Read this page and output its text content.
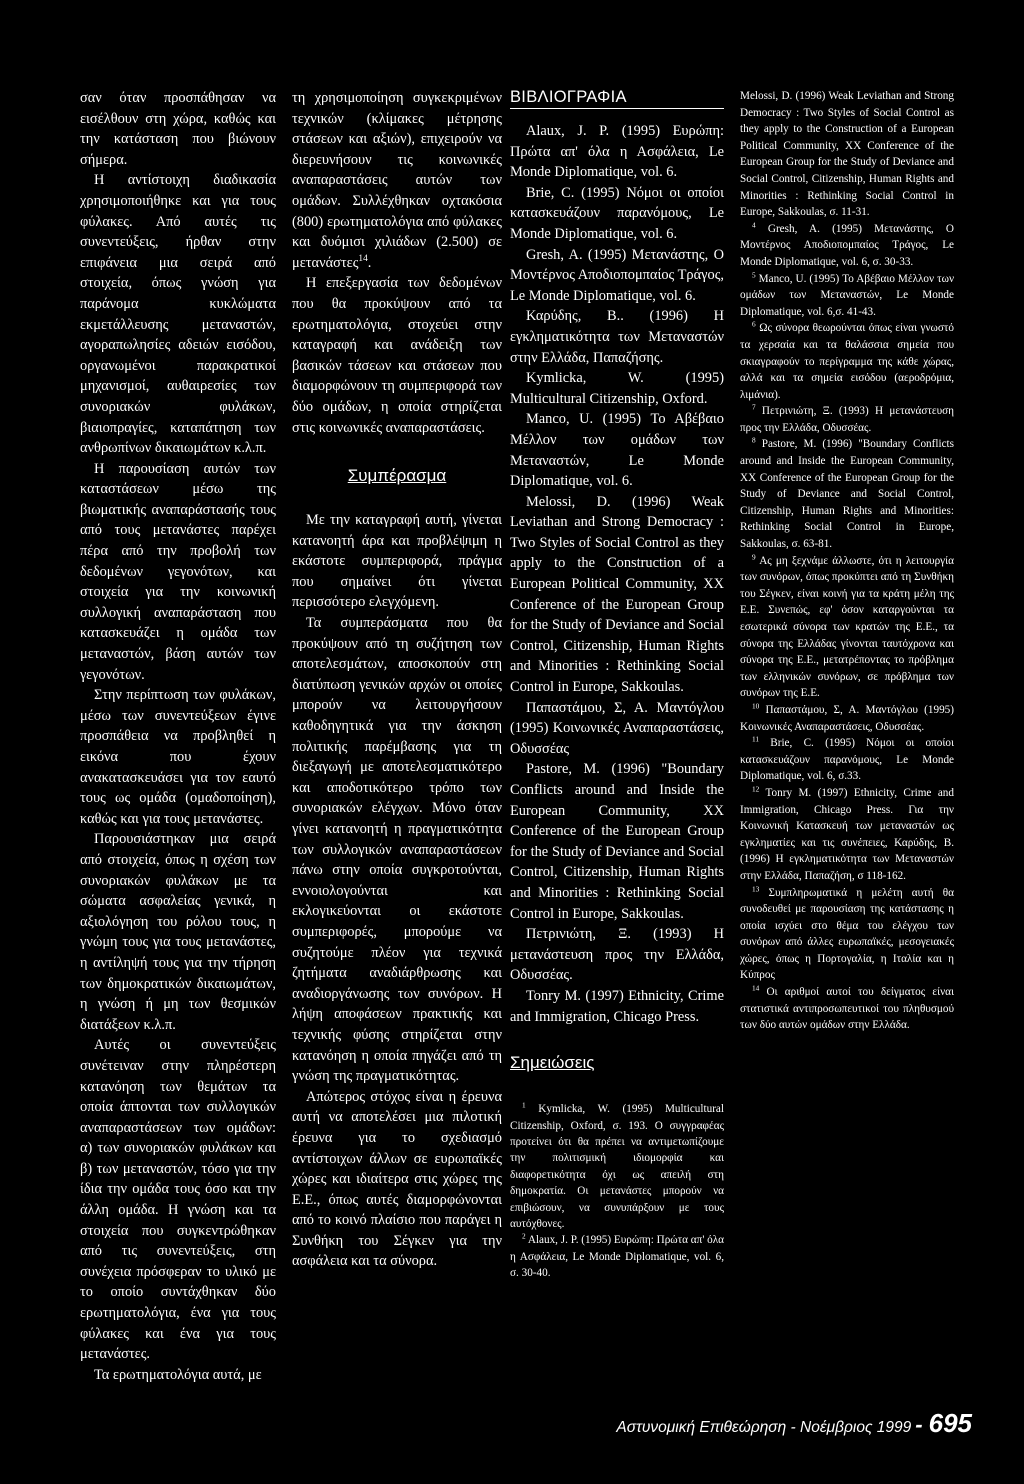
σαν όταν προσπάθησαν να εισέλθουν στη χώρα, καθώς και την κατάσταση που βιώνουν σήμερα.

Η αντίστοιχη διαδικασία χρησιμοποιήθηκε και για τους φύλακες. Από αυτές τις συνεντεύξεις, ήρθαν στην επιφάνεια μια σειρά από στοιχεία, όπως γνώση για παράνομα κυκλώματα εκμετάλλευσης μεταναστών, αγοραπωλησίες αδειών εισόδου, οργανωμένοι παρακρατικοί μηχανισμοί, αυθαιρεσίες των συνοριακών φυλάκων, βιαιοπραγίες, καταπάτηση των ανθρωπίνων δικαιωμάτων κ.λ.π.

Η παρουσίαση αυτών των καταστάσεων μέσω της βιωματικής αναπαράστασής τους από τους μετανάστες παρέχει πέρα από την προβολή των δεδομένων γεγονότων, και στοιχεία για την κοινωνική συλλογική αναπαράσταση που κατασκευάζει η ομάδα των μεταναστών, βάση αυτών των γεγονότων.

Στην περίπτωση των φυλάκων, μέσω των συνεντεύξεων έγινε προσπάθεια να προβληθεί η εικόνα που έχουν ανακατασκευάσει για τον εαυτό τους ως ομάδα (ομαδοποίηση), καθώς και για τους μετανάστες.

Παρουσιάστηκαν μια σειρά από στοιχεία, όπως η σχέση των συνοριακών φυλάκων με τα σώματα ασφαλείας γενικά, η αξιολόγηση του ρόλου τους, η γνώμη τους για τους μετανάστες, η αντίληψή τους για την τήρηση των δημοκρατικών δικαιωμάτων, η γνώση ή μη των θεσμικών διατάξεων κ.λ.π.

Αυτές οι συνεντεύξεις συνέτειναν στην πληρέστερη κατανόηση των θεμάτων τα οποία άπτονται των συλλογικών αναπαραστάσεων των ομάδων: α) των συνοριακών φυλάκων και β) των μεταναστών, τόσο για την ίδια την ομάδα τους όσο και την άλλη ομάδα. Η γνώση και τα στοιχεία που συγκεντρώθηκαν από τις συνεντεύξεις, στη συνέχεια πρόσφεραν το υλικό με το οποίο συντάχθηκαν δύο ερωτηματολόγια, ένα για τους φύλακες και ένα για τους μετανάστες.

Τα ερωτηματολόγια αυτά, με

τη χρησιμοποίηση συγκεκριμένων τεχνικών (κλίμακες μέτρησης στάσεων και αξιών), επιχειρούν να διερευνήσουν τις κοινωνικές αναπαραστάσεις αυτών των ομάδων. Συλλέχθηκαν οχτακόσια (800) ερωτηματολόγια από φύλακες και δυόμισι χιλιάδων (2.500) σε μετανάστες$^{14}$.

Η επεξεργασία των δεδομένων που θα προκύψουν από τα ερωτηματολόγια, στοχεύει στην καταγραφή και ανάδειξη των βασικών τάσεων και στάσεων που διαμορφώνουν τη συμπεριφορά των δύο ομάδων, η οποία στηρίζεται στις κοινωνικές αναπαραστάσεις.

Συμπέρασμα

Με την καταγραφή αυτή, γίνεται κατανοητή άρα και προβλέψιμη η εκάστοτε συμπεριφορά, πράγμα που σημαίνει ότι γίνεται περισσότερο ελεγχόμενη.

Τα συμπεράσματα που θα προκύψουν από τη συζήτηση των αποτελεσμάτων, αποσκοπούν στη διατύπωση γενικών αρχών οι οποίες μπορούν να λειτουργήσουν καθοδηγητικά για την άσκηση πολιτικής παρέμβασης για τη διεξαγωγή με αποτελεσματικότερο και αποδοτικότερο τρόπο των συνοριακών ελέγχων. Μόνο όταν γίνει κατανοητή η πραγματικότητα των συλλογικών αναπαραστάσεων πάνω στην οποία συγκροτούνται, εννοιολογούνται και εκλογικεύονται οι εκάστοτε συμπεριφορές, μπορούμε να συζητούμε πλέον για τεχνικά ζητήματα αναδιάρθρωσης και αναδιοργάνωσης των συνόρων. Η λήψη αποφάσεων πρακτικής και τεχνικής φύσης στηρίζεται στην κατανόηση η οποία πηγάζει από τη γνώση της πραγματικότητας.

Απώτερος στόχος είναι η έρευνα αυτή να αποτελέσει μια πιλοτική έρευνα για το σχεδιασμό αντίστοιχων άλλων σε ευρωπαϊκές χώρες και ιδιαίτερα στις χώρες της Ε.Ε., όπως αυτές διαμορφώνονται από το κοινό πλαίσιο που παράγει η Συνθήκη του Σέγκεν για την ασφάλεια και τα σύνορα.

ΒΙΒΛΙΟΓΡΑΦΙΑ

Alaux, J. P. (1995) Ευρώπη: Πρώτα απ' όλα η Ασφάλεια, Le Monde Diplomatique, vol. 6.

Brie, C. (1995) Νόμοι οι οποίοι κατασκευάζουν παρανόμους, Le Monde Diplomatique, vol. 6.

Gresh, A. (1995) Μετανάστης, Ο Μοντέρνος Αποδιοπομπαίος Τράγος, Le Monde Diplomatique, vol. 6.

Καρύδης, Β.. (1996) Η εγκληματικότητα των Μεταναστών στην Ελλάδα, Παπαζήσης.

Kymlicka, W. (1995) Multicultural Citizenship, Oxford.

Manco, U. (1995) Το Αβέβαιο Μέλλον των ομάδων των Μεταναστών, Le Monde Diplomatique, vol. 6.

Melossi, D. (1996) Weak Leviathan and Strong Democracy : Two Styles of Social Control as they apply to the Construction of a European Political Community, XX Conference of the European Group for the Study of Deviance and Social Control, Citizenship, Human Rights and Minorities : Rethinking Social Control in Europe, Sakkoulas.

Παπαστάμου, Σ, Α. Μαντόγλου (1995) Κοινωνικές Αναπαραστάσεις, Οδυσσέας

Pastore, M. (1996) "Boundary Conflicts around and Inside the European Community, XX Conference of the European Group for the Study of Deviance and Social Control, Citizenship, Human Rights and Minorities : Rethinking Social Control in Europe, Sakkoulas.

Πετρινιώτη, Ξ. (1993) Η μετανάστευση προς την Ελλάδα, Οδυσσέας.

Tonry M. (1997) Ethnicity, Crime and Immigration, Chicago Press.

Σημειώσεις

$^1$ Kymlicka, W. (1995) Multicultural Citizenship, Oxford, σ. 193. Ο συγγραφέας προτείνει ότι θα πρέπει να αντιμετωπίζουμε την πολιτισμική ιδιομορφία και διαφορετικότητα όχι ως απειλή στη δημοκρατία. Οι μετανάστες μπορούν να επιβιώσουν, να συνυπάρξουν με τους αυτόχθονες.

$^2$ Alaux, J. P. (1995) Ευρώπη: Πρώτα απ' όλα η Ασφάλεια, Le Monde Diplomatique, vol. 6, σ. 30-40.

Melossi, D. (1996) Weak Leviathan and Strong Democracy : Two Styles of Social Control as they apply to the Construction of a European Political Community, XX Conference of the European Group for the Study of Deviance and Social Control, Citizenship, Human Rights and Minorities : Rethinking Social Control in Europe, Sakkoulas, σ. 11-31.

$^4$ Gresh, A. (1995) Μετανάστης, Ο Μοντέρνος Αποδιοπομπαίος Τράγος, Le Monde Diplomatique, vol. 6, σ. 30-33.

$^5$ Manco, U. (1995) Το Αβέβαιο Μέλλον των ομάδων των Μεταναστών, Le Monde Diplomatique, vol. 6,σ. 41-43.

$^6$ Ως σύνορα θεωρούνται όπως είναι γνωστό τα χερσαία και τα θαλάσσια σημεία που σκιαγραφούν το περίγραμμα της κάθε χώρας, αλλά και τα σημεία εισόδου (αεροδρόμια, λιμάνια).

$^7$ Πετρινιώτη, Ξ. (1993) Η μετανάστευση προς την Ελλάδα, Οδυσσέας.

$^8$ Pastore, M. (1996) "Boundary Conflicts around and Inside the European Community, XX Conference of the European Group for the Study of Deviance and Social Control, Citizenship, Human Rights and Minorities: Rethinking Social Control in Europe, Sakkoulas, σ. 63-81.

$^9$ Ας μη ξεχνάμε άλλωστε, ότι η λειτουργία των συνόρων, όπως προκύπτει από τη Συνθήκη του Σέγκεν, είναι κοινή για τα κράτη μέλη της Ε.Ε. Συνεπώς, εφ' όσον καταργούνται τα εσωτερικά σύνορα των κρατών της Ε.Ε., τα σύνορα της Ελλάδας γίνονται ταυτόχρονα και σύνορα της Ε.Ε., μετατρέποντας το πρόβλημα των ελληνικών συνόρων, σε πρόβλημα των συνόρων της Ε.Ε.

$^{10}$ Παπαστάμου, Σ, Α. Μαντόγλου (1995) Κοινωνικές Αναπαραστάσεις, Οδυσσέας.

$^{11}$ Brie, C. (1995) Νόμοι οι οποίοι κατασκευάζουν παρανόμους, Le Monde Diplomatique, vol. 6, σ.33.

$^{12}$ Tonry M. (1997) Ethnicity, Crime and Immigration, Chicago Press. Για την Κοινωνική Κατασκευή των μεταναστών ως εγκληματίες και τις συνέπειες, Καρύδης, Β. (1996) Η εγκληματικότητα των Μεταναστών στην Ελλάδα, Παπαζήση, σ 118-162.

$^{13}$ Συμπληρωματικά η μελέτη αυτή θα συνοδευθεί με παρουσίαση της κατάστασης η οποία ισχύει στο θέμα του ελέγχου των συνόρων από άλλες ευρωπαϊκές, μεσογειακές χώρες, όπως η Πορτογαλία, η Ιταλία και η Κύπρος

$^{14}$ Οι αριθμοί αυτοί του δείγματος είναι στατιστικά αντιπροσωπευτικοί του πληθυσμού των δύο αυτών ομάδων στην Ελλάδα.

Αστυνομική Επιθεώρηση - Νοέμβριος 1999 - 695
